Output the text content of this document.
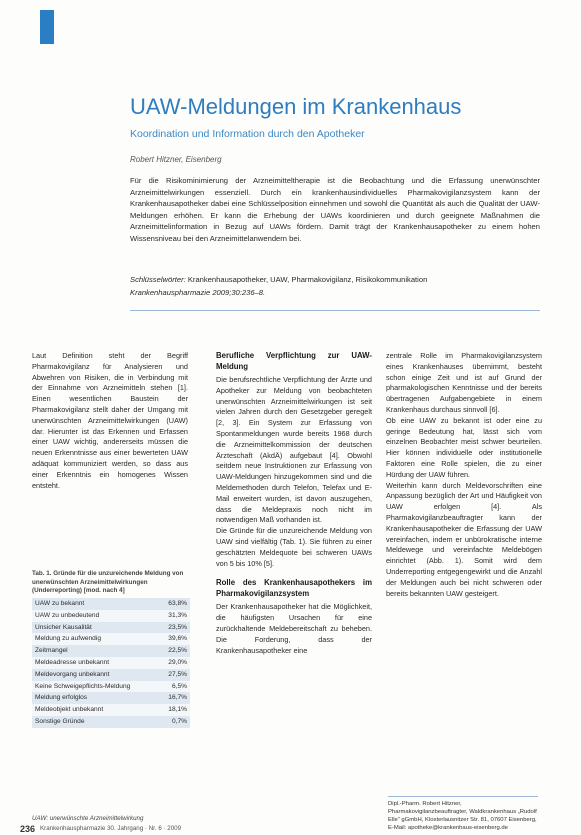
UAW-Meldungen im Krankenhaus
Koordination und Information durch den Apotheker
Robert Hitzner, Eisenberg

Für die Risikominimierung der Arzneimitteltherapie ist die Beobachtung und die Erfassung unerwünschter Arzneimittelwirkungen essenziell. Durch ein krankenhausindividuelles Pharmakovigilanzsystem kann der Krankenhausapotheker dabei eine Schlüsselposition einnehmen und sowohl die Quantität als auch die Qualität der UAW-Meldungen erhöhen. Er kann die Erhebung der UAWs koordinieren und durch geeignete Maßnahmen die Arzneimittelinformation in Bezug auf UAWs fördern. Damit trägt der Krankenhausapotheker zu einem hohen Wissensniveau bei den Arzneimittelanwendern bei.

Schlüsselwörter: Krankenhausapotheker, UAW, Pharmakovigilanz, Risikokommunikation

Krankenhauspharmazie 2009;30:236–8.

Laut Definition steht der Begriff Pharmakovigilanz für Analysieren und Abwehren von Risiken, die in Verbindung mit der Einnahme von Arzneimitteln stehen [1]. Einen wesentlichen Baustein der Pharmakovigilanz stellt daher der Umgang mit unerwünschten Arzneimittelwirkungen (UAW) dar. Hierunter ist das Erkennen und Erfassen einer UAW wichtig, andererseits müssen die neuen Erkenntnisse aus einer bewerteten UAW adäquat kommuniziert werden, so dass aus einer Erkenntnis ein homogenes Wissen entsteht.

Tab. 1. Gründe für die unzureichende Meldung von unerwünschten Arzneimittelwirkungen (Underreporting) [mod. nach 4]

UAW zu bekannt	63,8%
UAW zu unbedeutend	31,3%
Unsicher Kausalität	23,5%
Meldung zu aufwendig	39,6%
Zeitmangel	22,5%
Meldeadresse unbekannt	29,0%
Meldevorgang unbekannt	27,5%
Keine Schweigepflichts-Meldung	6,5%
Meldung erfolglos	16,7%
Meldeobjekt unbekannt	18,1%
Sonstige Gründe	0,7%
UAW: unerwünschte Arzneimittelwirkung
Berufliche Verpflichtung zur UAW-Meldung

Die berufsrechtliche Verpflichtung der Ärzte und Apotheker zur Meldung von beobachteten unerwünschten Arzneimittelwirkungen ist seit vielen Jahren durch den Gesetzgeber geregelt [2, 3]. Ein System zur Erfassung von Spontanmeldungen wurde bereits 1968 durch die Arzneimittelkommission der deutschen Ärzteschaft (AkdÄ) aufgebaut [4]. Obwohl seitdem neue Instruktionen zur Erfassung von UAW-Meldungen hinzugekommen sind und die Meldemethoden durch Telefon, Telefax und E-Mail erweitert wurden, ist davon auszugehen, dass die Meldepraxis noch nicht im notwendigen Maß vorhanden ist.

Die Gründe für die unzureichende Meldung von UAW sind vielfältig (Tab. 1). Sie führen zu einer geschätzten Meldequote bei schweren UAWs von 5 bis 10% [5].

Rolle des Krankenhausapothekers im Pharmakovigilanzsystem

Der Krankenhausapotheker hat die Möglichkeit, die häufigsten Ursachen für eine zurückhaltende Meldebereitschaft zu beheben. Die Forderung, dass der Krankenhausapotheker eine

zentrale Rolle im Pharmakovigilanzsystem eines Krankenhauses übernimmt, besteht schon einige Zeit und ist auf Grund der pharmakologischen Kenntnisse und der bereits übertragenen Aufgabengebiete in einem Krankenhaus durchaus sinnvoll [6].

Ob eine UAW zu bekannt ist oder eine zu geringe Bedeutung hat, lässt sich vom einzelnen Beobachter meist schwer beurteilen. Hier können individuelle oder institutionelle Faktoren eine Rolle spielen, die zu einer Hürdung der UAW führen.

Weiterhin kann durch Meldevorschriften eine Anpassung bezüglich der Art und Häufigkeit von UAW erfolgen [4]. Als Pharmakovigilanzbeauftragter kann der Krankenhausapotheker die Erfassung der UAW vereinfachen, indem er unbürokratische interne Meldewege und vereinfachte Meldebögen einrichtet (Abb. 1). Somit wird dem Underreporting entgegengewirkt und die Anzahl der Meldungen auch bei nicht schweren oder bereits bekannten UAW gesteigert.

Dipl.-Pharm. Robert Hitzner, Pharmakovigilanzbeauftragter, Waldkrankenhaus „Rudolf Elle“ gGmbH, Klosterlausnitzer Str. 81, 07607 Eisenberg, E-Mail: apotheke@krankenhaus-eisenberg.de

236 Krankenhauspharmazie 30. Jahrgang · Nr. 6 · 2009
